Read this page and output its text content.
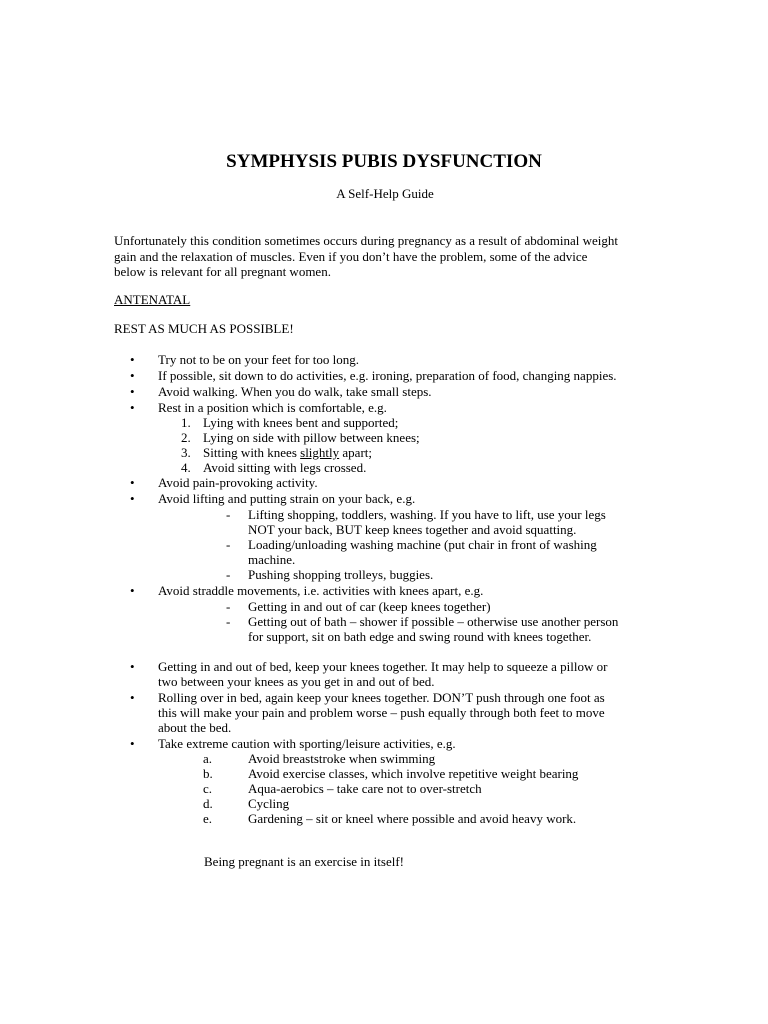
SYMPHYSIS PUBIS DYSFUNCTION
A Self-Help Guide
Unfortunately this condition sometimes occurs during pregnancy as a result of abdominal weight
gain and the relaxation of muscles. Even if you don’t have the problem, some of the advice
below is relevant for all pregnant women.
ANTENATAL
REST AS MUCH AS POSSIBLE!
• Try not to be on your feet for too long.
• If possible, sit down to do activities, e.g. ironing, preparation of food, changing nappies.
• Avoid walking. When you do walk, take small steps.
• Rest in a position which is comfortable, e.g.
1. Lying with knees bent and supported;
2. Lying on side with pillow between knees;
3. Sitting with knees slightly apart;
4. Avoid sitting with legs crossed.
• Avoid pain-provoking activity.
• Avoid lifting and putting strain on your back, e.g.
- Lifting shopping, toddlers, washing. If you have to lift, use your legs
NOT your back, BUT keep knees together and avoid squatting.
- Loading/unloading washing machine (put chair in front of washing
machine.
- Pushing shopping trolleys, buggies.
• Avoid straddle movements, i.e. activities with knees apart, e.g.
- Getting in and out of car (keep knees together)
- Getting out of bath – shower if possible – otherwise use another person
for support, sit on bath edge and swing round with knees together.
• Getting in and out of bed, keep your knees together. It may help to squeeze a pillow or
two between your knees as you get in and out of bed.
• Rolling over in bed, again keep your knees together. DON’T push through one foot as
this will make your pain and problem worse – push equally through both feet to move
about the bed.
• Take extreme caution with sporting/leisure activities, e.g.
a.	Avoid breaststroke when swimming
b.	Avoid exercise classes, which involve repetitive weight bearing
c.	Aqua-aerobics – take care not to over-stretch
d.	Cycling
e.	Gardening – sit or kneel where possible and avoid heavy work.
Being pregnant is an exercise in itself!
